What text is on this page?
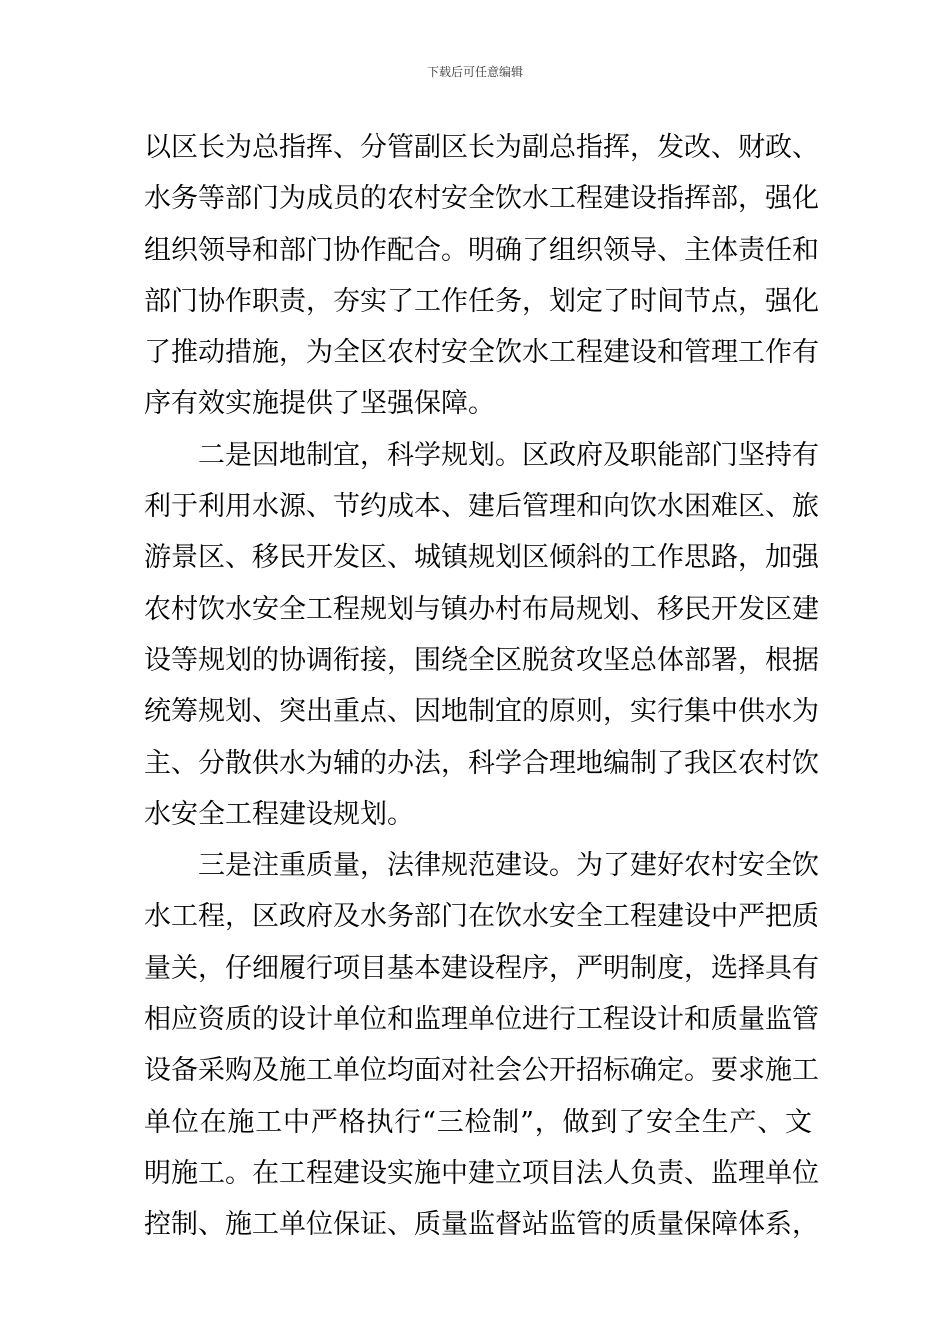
下载后可任意编辑
以区长为总指挥、分管副区长为副总指挥，发改、财政、
水务等部门为成员的农村安全饮水工程建设指挥部，强化
组织领导和部门协作配合。明确了组织领导、主体责任和
部门协作职责，夯实了工作任务，划定了时间节点，强化
了推动措施，为全区农村安全饮水工程建设和管理工作有
序有效实施提供了坚强保障。
二是因地制宜，科学规划。区政府及职能部门坚持有
利于利用水源、节约成本、建后管理和向饮水困难区、旅
游景区、移民开发区、城镇规划区倾斜的工作思路，加强
农村饮水安全工程规划与镇办村布局规划、移民开发区建
设等规划的协调衔接，围绕全区脱贫攻坚总体部署，根据
统筹规划、突出重点、因地制宜的原则，实行集中供水为
主、分散供水为辅的办法，科学合理地编制了我区农村饮
水安全工程建设规划。
三是注重质量，法律规范建设。为了建好农村安全饮
水工程，区政府及水务部门在饮水安全工程建设中严把质
量关，仔细履行项目基本建设程序，严明制度，选择具有
相应资质的设计单位和监理单位进行工程设计和质量监管
设备采购及施工单位均面对社会公开招标确定。要求施工
单位在施工中严格执行“三检制”，做到了安全生产、文
明施工。在工程建设实施中建立项目法人负责、监理单位
控制、施工单位保证、质量监督站监管的质量保障体系，
